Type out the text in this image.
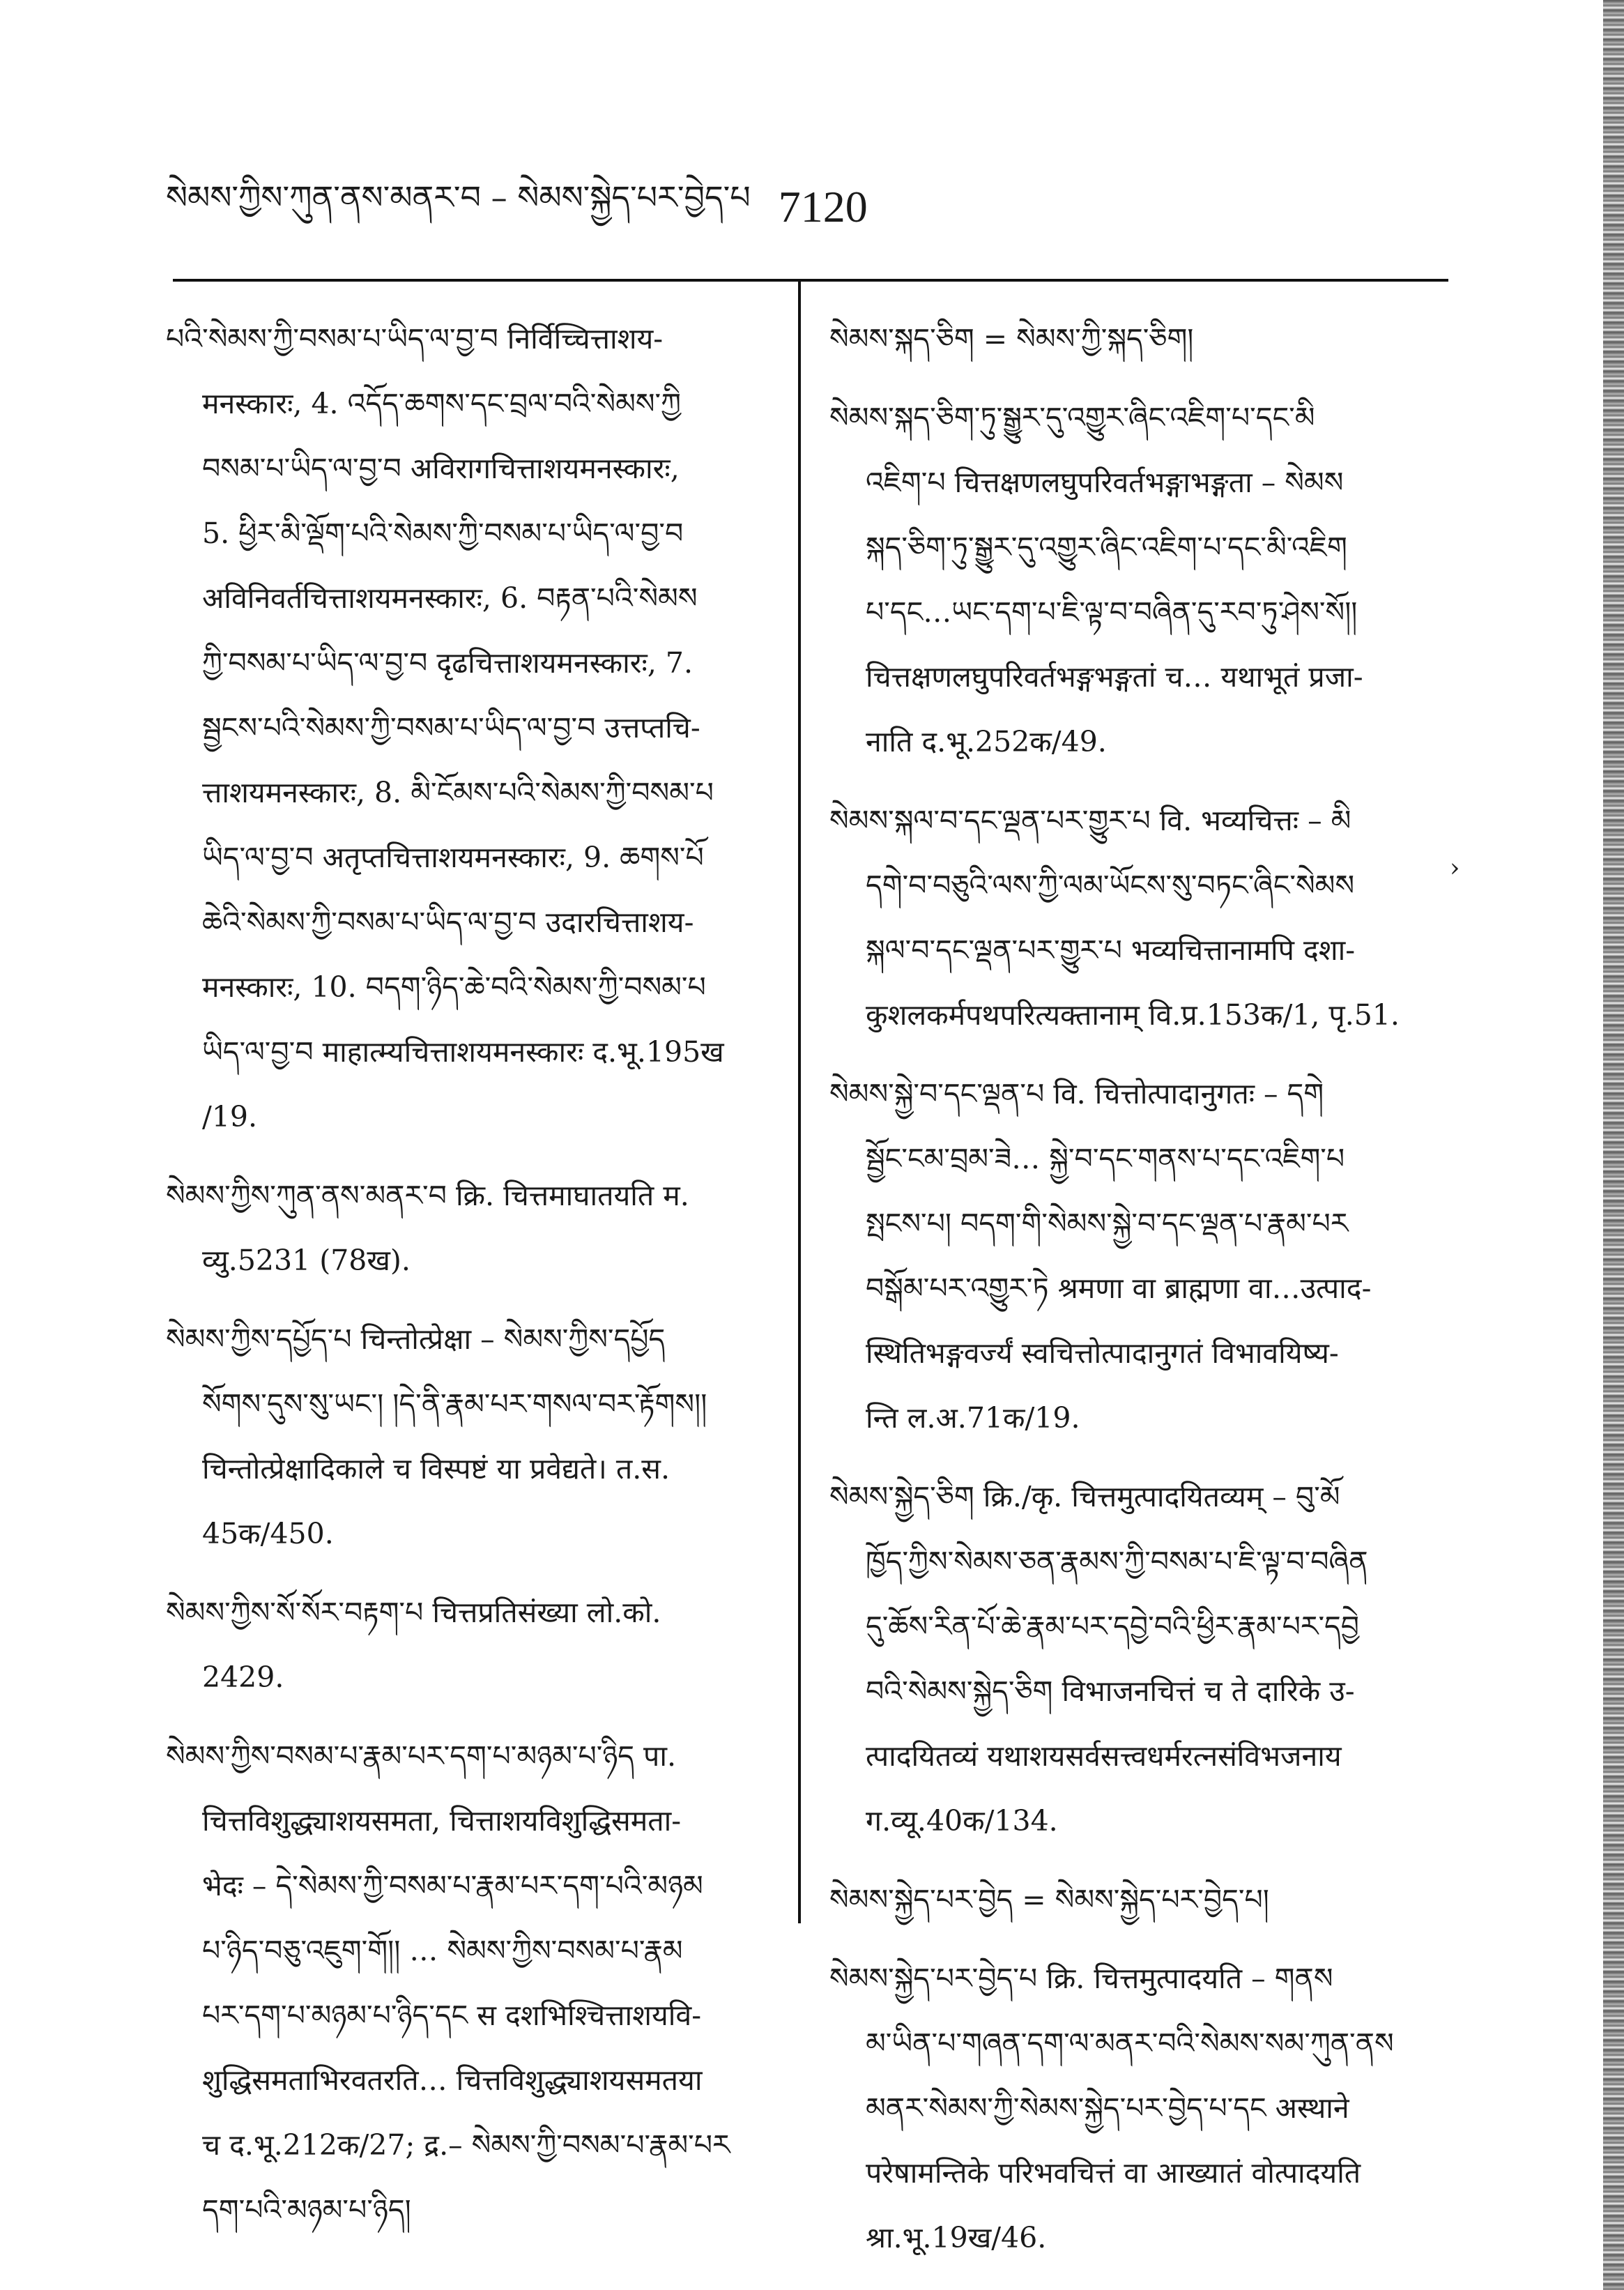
སེམས་ཀྱིས་ཀུན་ནས་མནར་བ – སེམས་སྐྱེད་པར་བྱེད་པ 7120
པའི་སེམས་ཀྱི་བསམ་པ་ཡིད་ལ་བྱ་བ निर्विच्चित्ताशय-
मनस्कारः, 4. འདོད་ཆགས་དང་བྲལ་བའི་སེམས་ཀྱི
བསམ་པ་ཡིད་ལ་བྱ་བ अविरागचित्ताशयमनस्कारः,
5. ཕྱིར་མི་ལྡོག་པའི་སེམས་ཀྱི་བསམ་པ་ཡིད་ལ་བྱ་བ
अविनिवर्तचित्ताशयमनस्कारः, 6. བརྟན་པའི་སེམས
ཀྱི་བསམ་པ་ཡིད་ལ་བྱ་བ दृढचित्ताशयमनस्कारः, 7.
སྦྱངས་པའི་སེམས་ཀྱི་བསམ་པ་ཡིད་ལ་བྱ་བ उत्तप्तचि-
त्ताशयमनस्कारः, 8. མི་ངོམས་པའི་སེམས་ཀྱི་བསམ་པ
ཡིད་ལ་བྱ་བ अतृप्तचित्ताशयमनस्कारः, 9. ཆགས་པོ
ཆེའི་སེམས་ཀྱི་བསམ་པ་ཡིད་ལ་བྱ་བ उदारचित्ताशय-
मनस्कारः, 10. བདག་ཉིད་ཆེ་བའི་སེམས་ཀྱི་བསམ་པ
ཡིད་ལ་བྱ་བ माहात्म्यचित्ताशयमनस्कारः द.भू.195ख
/19.
སེམས་ཀྱིས་ཀུན་ནས་མནར་བ क्रि. चित्तमाघातयति म.
व्यु.5231 (78ख).
སེམས་ཀྱིས་དཔྱོད་པ चिन्तोत्प्रेक्षा – སེམས་ཀྱིས་དཔྱོད
སོགས་དུས་སུ་ཡང་། །དེ་ནི་རྣམ་པར་གསལ་བར་རྟོགས།།
चिन्तोत्प्रेक्षादिकाले च विस्पष्टं या प्रवेद्यते। त.स.
45क/450.
སེམས་ཀྱིས་སོ་སོར་བརྟག་པ चित्तप्रतिसंख्या लो.को.
2429.
སེམས་ཀྱིས་བསམ་པ་རྣམ་པར་དག་པ་མཉམ་པ་ཉིད पा.
चित्तविशुद्ध्याशयसमता, चित्ताशयविशुद्धिसमता-
भेदः – དེ་སེམས་ཀྱི་བསམ་པ་རྣམ་པར་དག་པའི་མཉམ
པ་ཉིད་བཅུ་འཇུག་གོ།། … སེམས་ཀྱིས་བསམ་པ་རྣམ
པར་དག་པ་མཉམ་པ་ཉིད་དང स दशभिश्चित्ताशयवि-
शुद्धिसमताभिरवतरति… चित्तविशुद्ध्याशयसमतया
च द.भू.212क/27; द्र.– སེམས་ཀྱི་བསམ་པ་རྣམ་པར
དག་པའི་མཉམ་པ་ཉིད།
སེམས་སྐད་ཅིག = སེམས་ཀྱི་སྐད་ཅིག།
སེམས་སྐད་ཅིག་ཏུ་སྒྱུར་དུ་འགྱུར་ཞིང་འཇིག་པ་དང་མི
འཇིག་པ चित्तक्षणलघुपरिवर्तभङ्गाभङ्गता – སེམས
སྐད་ཅིག་ཏུ་སྒྱུར་དུ་འགྱུར་ཞིང་འཇིག་པ་དང་མི་འཇིག
པ་དང…ཡང་དག་པ་ཇི་ལྟ་བ་བཞིན་དུ་རབ་ཏུ་ཤེས་སོ།།
चित्तक्षणलघुपरिवर्तभङ्गभङ्गतां च… यथाभूतं प्रजा-
नाति द.भू.252क/49.
སེམས་སྐལ་བ་དང་ལྡན་པར་གྱུར་པ वि. भव्यचित्तः – མི
དགེ་བ་བཅུའི་ལས་ཀྱི་ལམ་ཡོངས་སུ་བཏང་ཞིང་སེམས
སྐལ་བ་དང་ལྡན་པར་གྱུར་པ भव्यचित्तानामपि दशा-
कुशलकर्मपथपरित्यक्तानाम् वि.प्र.153क/1, पृ.51.
སེམས་སྐྱེ་བ་དང་ལྡན་པ वि. चित्तोत्पादानुगतः – དགེ
སྦྱོང་ངམ་བྲམ་ཟེ… སྐྱེ་བ་དང་གནས་པ་དང་འཇིག་པ
སྤངས་པ། བདག་གི་སེམས་སྐྱེ་བ་དང་ལྡན་པ་རྣམ་པར
བསྒོམ་པར་འགྱུར་ཏེ श्रमणा वा ब्राह्मणा वा…उत्पाद-
स्थितिभङ्गवर्ज्यं स्वचित्तोत्पादानुगतं विभावयिष्य-
न्ति ल.अ.71क/19.
སེམས་སྐྱེད་ཅིག क्रि./कृ. चित्तमुत्पादयितव्यम् – བུ་མོ
ཁྱོད་ཀྱིས་སེམས་ཅན་རྣམས་ཀྱི་བསམ་པ་ཇི་ལྟ་བ་བཞིན
དུ་ཆོས་རིན་པོ་ཆེ་རྣམ་པར་དབྱེ་བའི་ཕྱིར་རྣམ་པར་དབྱེ
བའི་སེམས་སྐྱེད་ཅིག विभाजनचित्तं च ते दारिके उ-
त्पादयितव्यं यथाशयसर्वसत्त्वधर्मरत्नसंविभजनाय
ग.व्यू.40क/134.
སེམས་སྐྱེད་པར་བྱེད = སེམས་སྐྱེད་པར་བྱེད་པ།
སེམས་སྐྱེད་པར་བྱེད་པ क्रि. चित्तमुत्पादयति – གནས
མ་ཡིན་པ་གཞན་དག་ལ་མནར་བའི་སེམས་སམ་ཀུན་ནས
མནར་སེམས་ཀྱི་སེམས་སྐྱེད་པར་བྱེད་པ་དང अस्थाने
परेषामन्तिके परिभवचित्तं वा आख्यातं वोत्पादयति
श्रा.भू.19ख/46.
›
